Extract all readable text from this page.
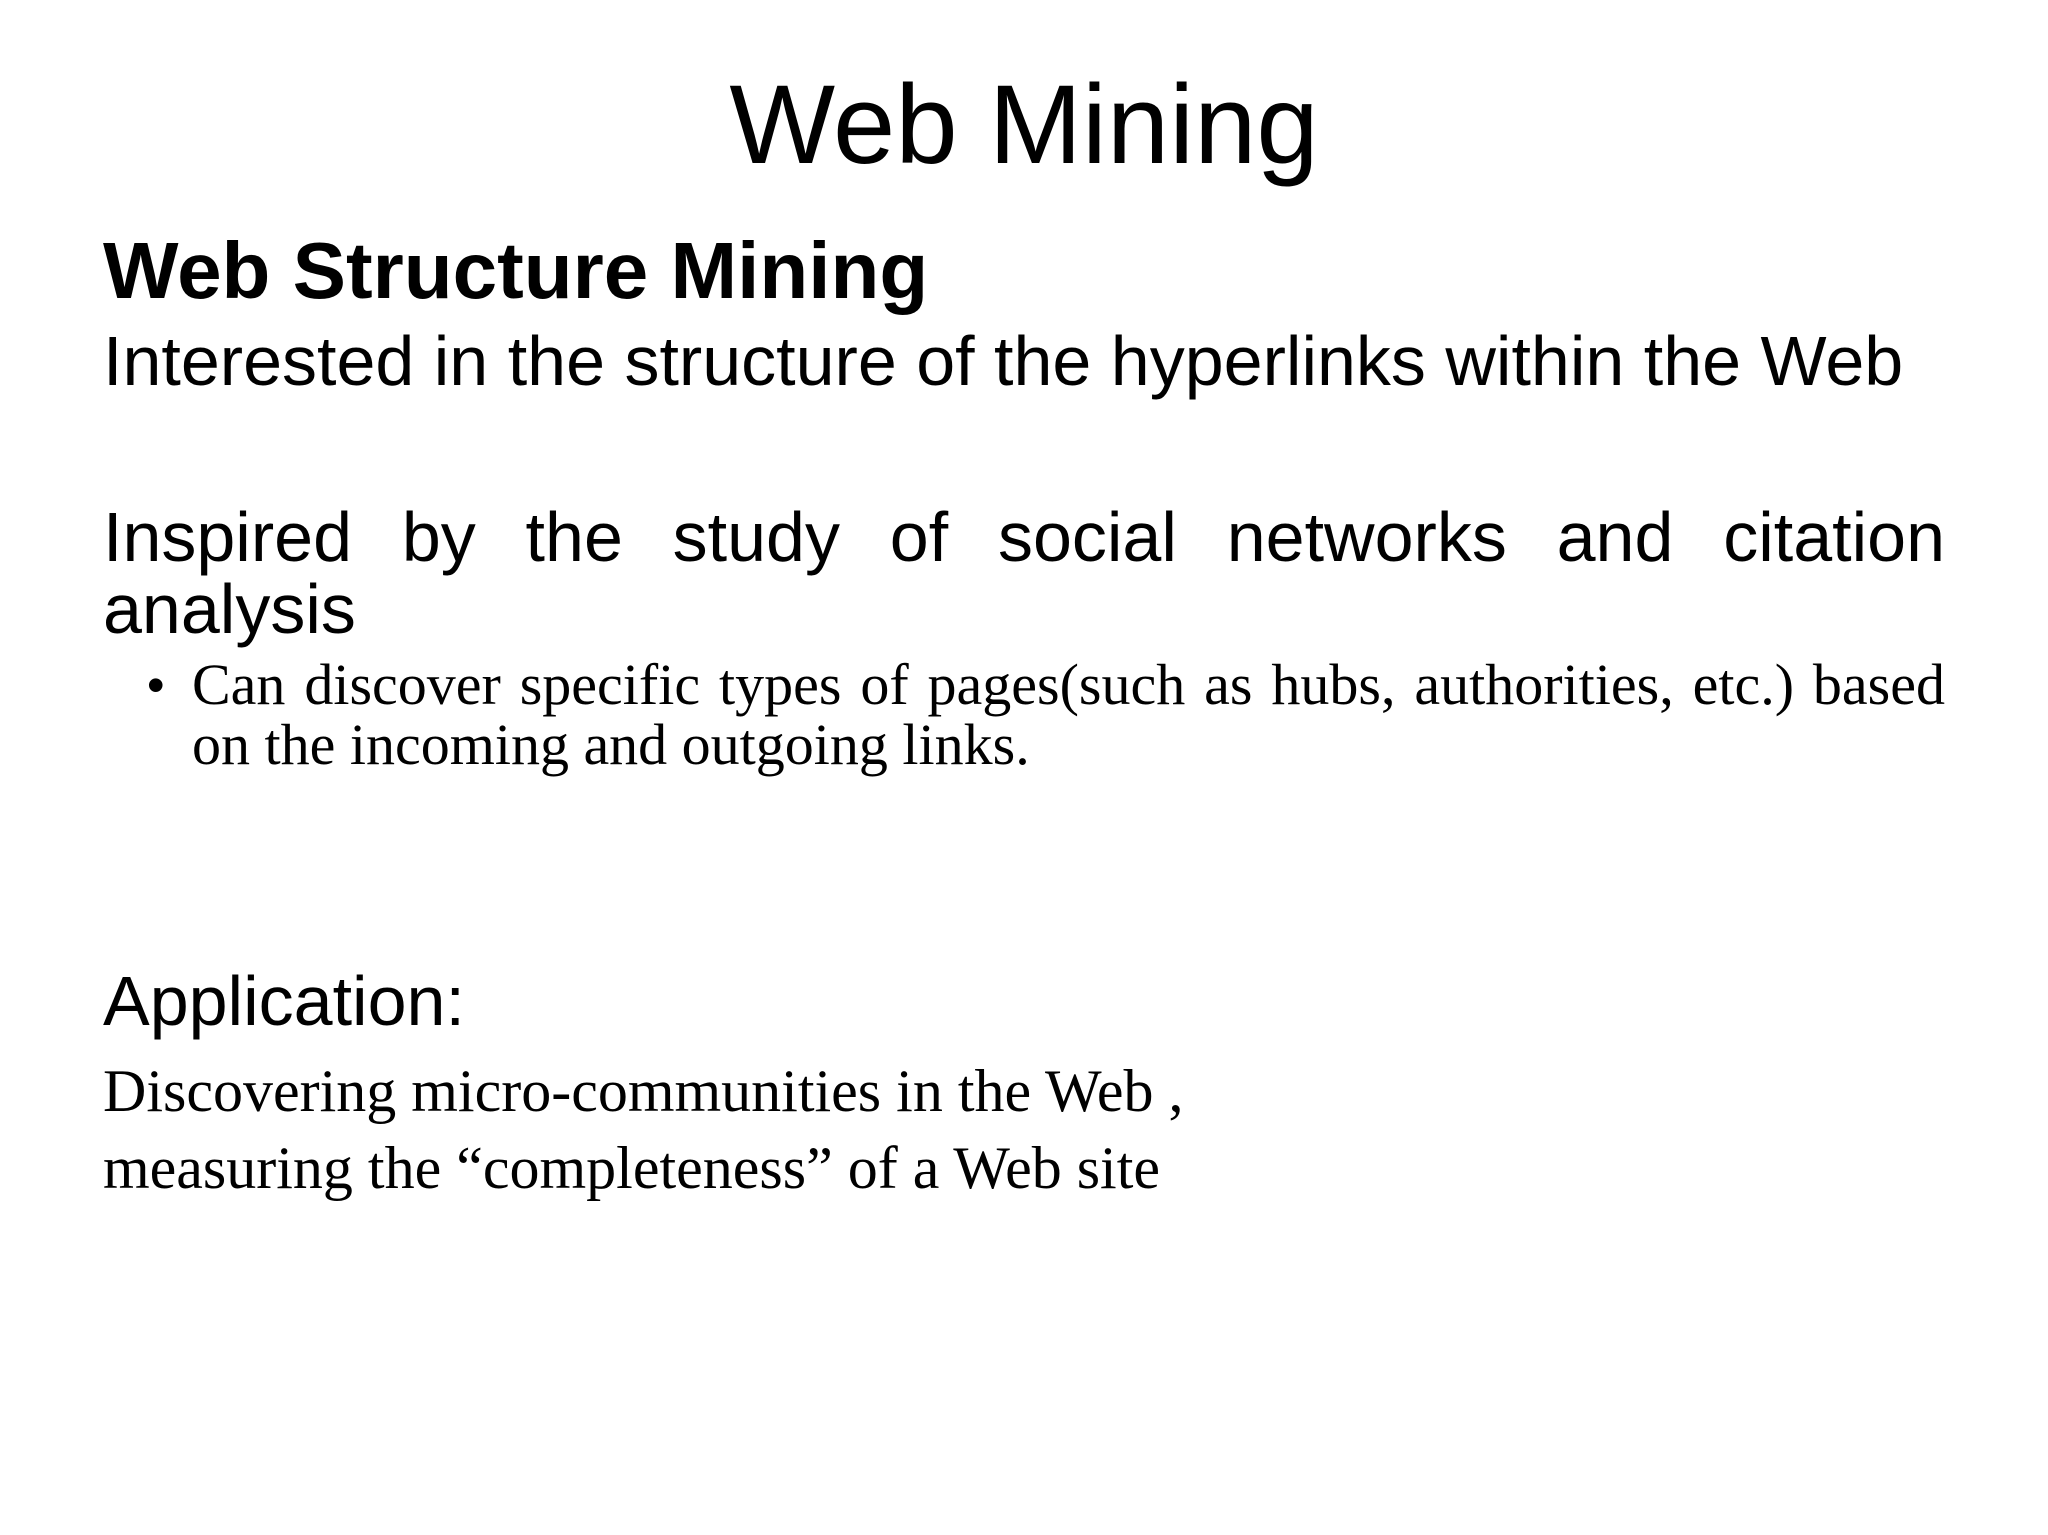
Web Mining
Web Structure Mining

Interested in the structure of the hyperlinks within the Web

Inspired by the study of social networks and citation analysis

• Can discover specific types of pages(such as hubs, authorities, etc.) based on the incoming and outgoing links.

Application:

Discovering micro-communities in the Web ,

measuring the “completeness” of a Web site
